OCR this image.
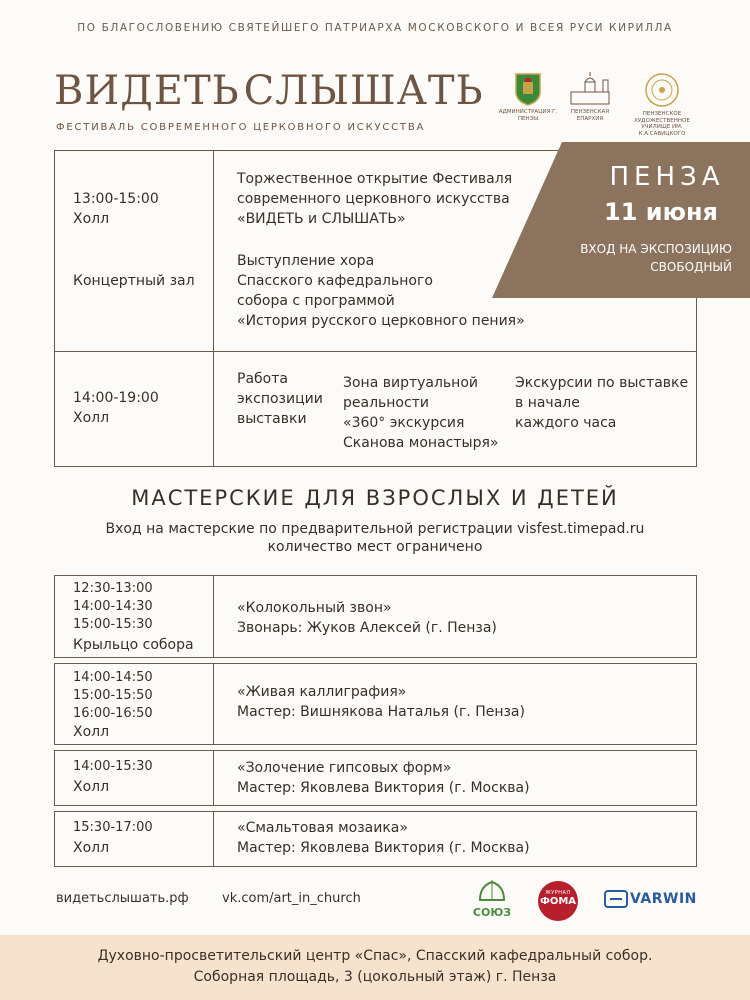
ПО БЛАГОСЛОВЕНИЮ СВЯТЕЙШЕГО ПАТРИАРХА МОСКОВСКОГО И ВСЕЯ РУСИ КИРИЛЛА
ВИДЕТЬ СЛЫШАТЬ
ФЕСТИВАЛЬ СОВРЕМЕННОГО ЦЕРКОВНОГО ИСКУССТВА
АДМИНИСТРАЦИЯ Г. ПЕНЗЫ
ПЕНЗЕНСКАЯ ЕПАРХИЯ
ПЕНЗЕНСКОЕ ХУДОЖЕСТВЕННОЕ УЧИЛИЩЕ ИМ. К.А.САВИЦКОГО
13:00-15:00
Холл
Концертный зал
Торжественное открытие Фестиваля
современного церковного искусства
«ВИДЕТЬ и СЛЫШАТЬ»
Выступление хора
Спасского кафедрального
собора с программой
«История русского церковного пения»
14:00-19:00
Холл
Работа
экспозиции
выставки
Зона виртуальной
реальности
«360° экскурсия
Сканова монастыря»
Экскурсии по выставке
в начале
каждого часа
ПЕНЗА
11 июня
ВХОД НА ЭКСПОЗИЦИЮ
СВОБОДНЫЙ
МАСТЕРСКИЕ ДЛЯ ВЗРОСЛЫХ И ДЕТЕЙ
Вход на мастерские по предварительной регистрации visfest.timepad.ru
количество мест ограничено
12:30-13:00
14:00-14:30
15:00-15:30
Крыльцо собора
«Колокольный звон»
Звонарь: Жуков Алексей (г. Пенза)
14:00-14:50
15:00-15:50
16:00-16:50
Холл
«Живая каллиграфия»
Мастер: Вишнякова Наталья (г. Пенза)
14:00-15:30
Холл
«Золочение гипсовых форм»
Мастер: Яковлева Виктория (г. Москва)
15:30-17:00
Холл
«Смальтовая мозаика»
Мастер: Яковлева Виктория (г. Москва)
видетьслышать.рф	vk.com/art_in_church
СОЮЗ
ЖУРНАЛ
ФОМА	VARWIN
Духовно-просветительский центр «Спас», Спасский кафедральный собор.
Соборная площадь, 3 (цокольный этаж) г. Пенза
